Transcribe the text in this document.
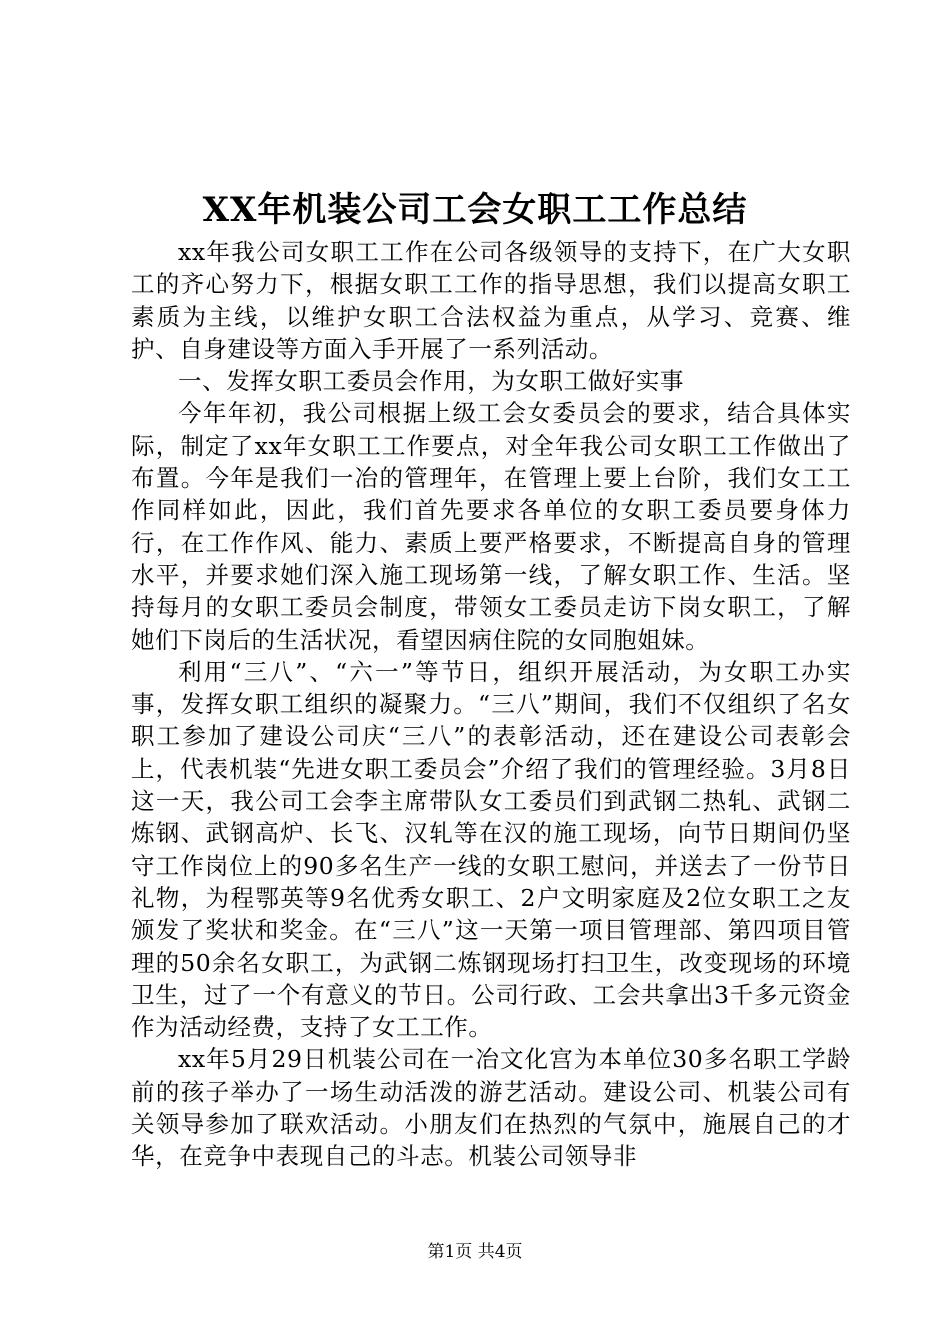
XX年机装公司工会女职工工作总结

xx年我公司女职工工作在公司各级领导的支持下，在广大女职工的齐心努力下，根据女职工工作的指导思想，我们以提高女职工素质为主线，以维护女职工合法权益为重点，从学习、竞赛、维护、自身建设等方面入手开展了一系列活动。

一、发挥女职工委员会作用，为女职工做好实事

今年年初，我公司根据上级工会女委员会的要求，结合具体实际，制定了xx年女职工工作要点，对全年我公司女职工工作做出了布置。今年是我们一冶的管理年，在管理上要上台阶，我们女工工作同样如此，因此，我们首先要求各单位的女职工委员要身体力行，在工作作风、能力、素质上要严格要求，不断提高自身的管理水平，并要求她们深入施工现场第一线，了解女职工作、生活。坚持每月的女职工委员会制度，带领女工委员走访下岗女职工，了解她们下岗后的生活状况，看望因病住院的女同胞姐妹。

利用“三八”、“六一”等节日，组织开展活动，为女职工办实事，发挥女职工组织的凝聚力。“三八”期间，我们不仅组织了名女职工参加了建设公司庆“三八”的表彰活动，还在建设公司表彰会上，代表机装“先进女职工委员会”介绍了我们的管理经验。3月8日这一天，我公司工会李主席带队女工委员们到武钢二热轧、武钢二炼钢、武钢高炉、长飞、汉轧等在汉的施工现场，向节日期间仍坚守工作岗位上的90多名生产一线的女职工慰问，并送去了一份节日礼物，为程鄂英等9名优秀女职工、2户文明家庭及2位女职工之友颁发了奖状和奖金。在“三八”这一天第一项目管理部、第四项目管理的50余名女职工，为武钢二炼钢现场打扫卫生，改变现场的环境卫生，过了一个有意义的节日。公司行政、工会共拿出3千多元资金作为活动经费，支持了女工工作。

xx年5月29日机装公司在一冶文化宫为本单位30多名职工学龄前的孩子举办了一场生动活泼的游艺活动。建设公司、机装公司有关领导参加了联欢活动。小朋友们在热烈的气氛中，施展自己的才华，在竞争中表现自己的斗志。机装公司领导非

第1页 共4页
